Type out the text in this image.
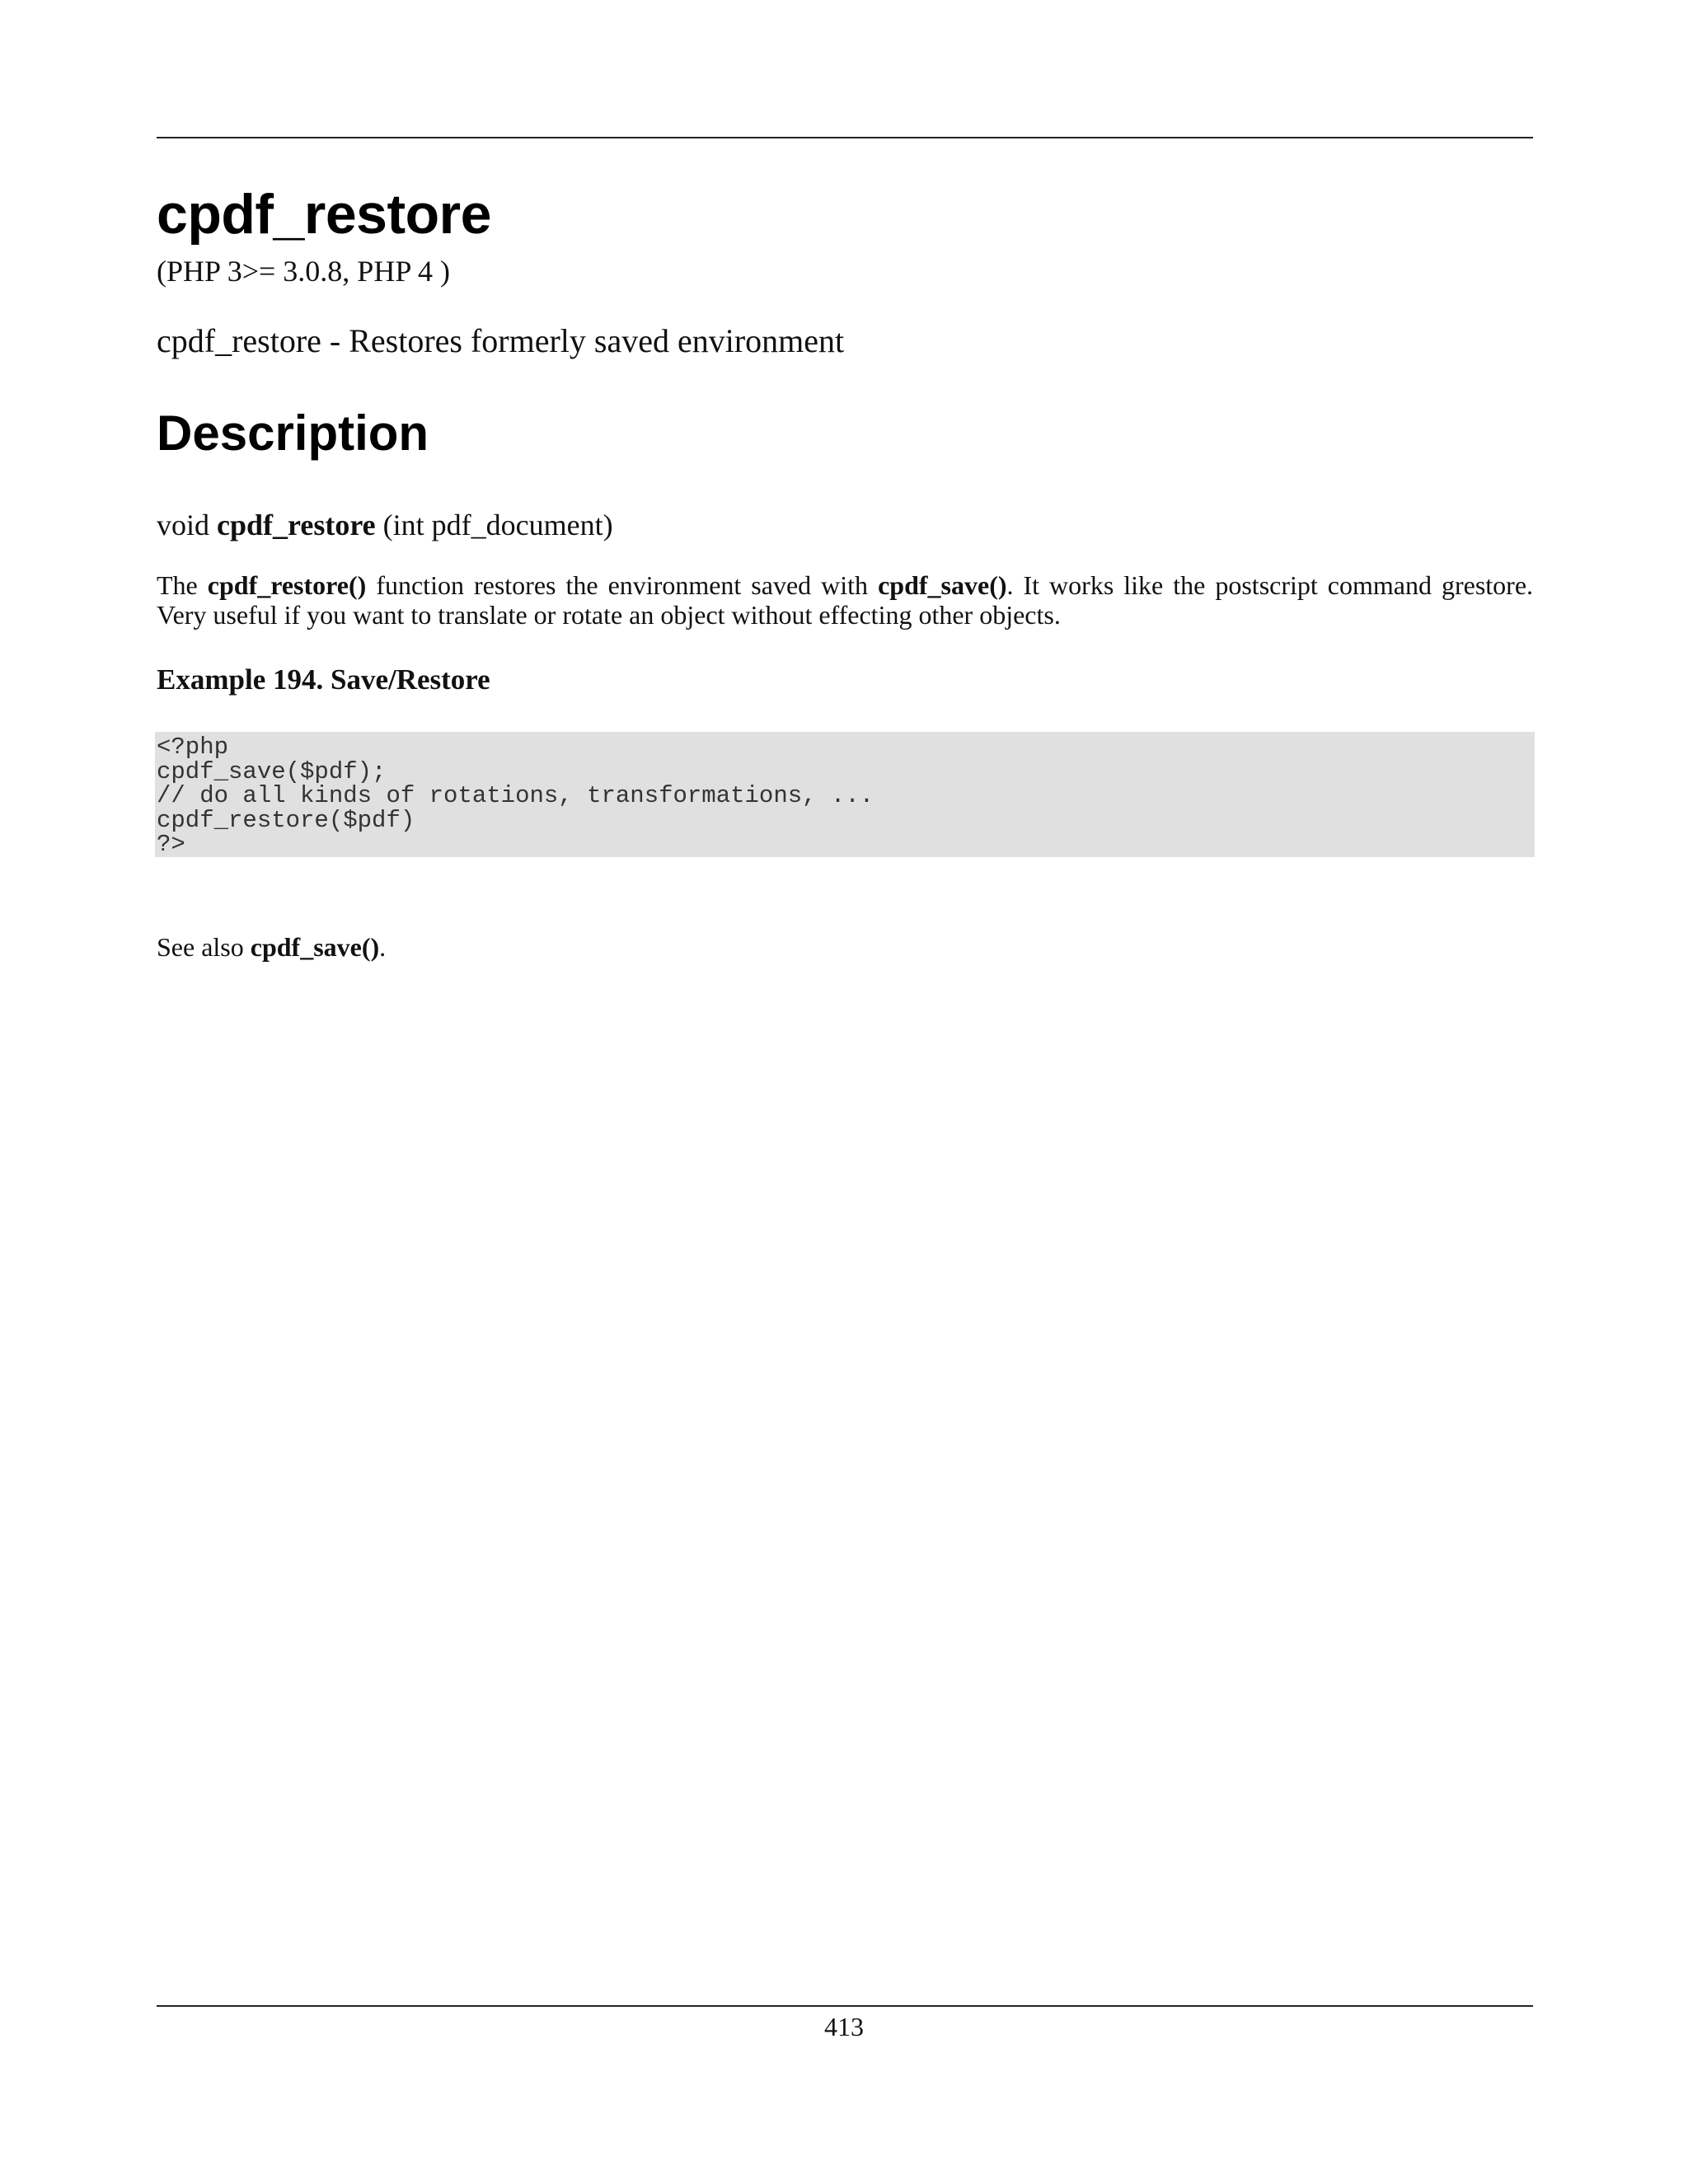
cpdf_restore
(PHP 3>= 3.0.8, PHP 4 )
cpdf_restore - Restores formerly saved environment
Description
void cpdf_restore (int pdf_document)

The cpdf_restore() function restores the environment saved with cpdf_save(). It works like the postscript command grestore. Very useful if you want to translate or rotate an object without effecting other objects.

Example 194. Save/Restore
<?php
cpdf_save($pdf);
// do all kinds of rotations, transformations, ...
cpdf_restore($pdf)
?>
See also cpdf_save().
413
